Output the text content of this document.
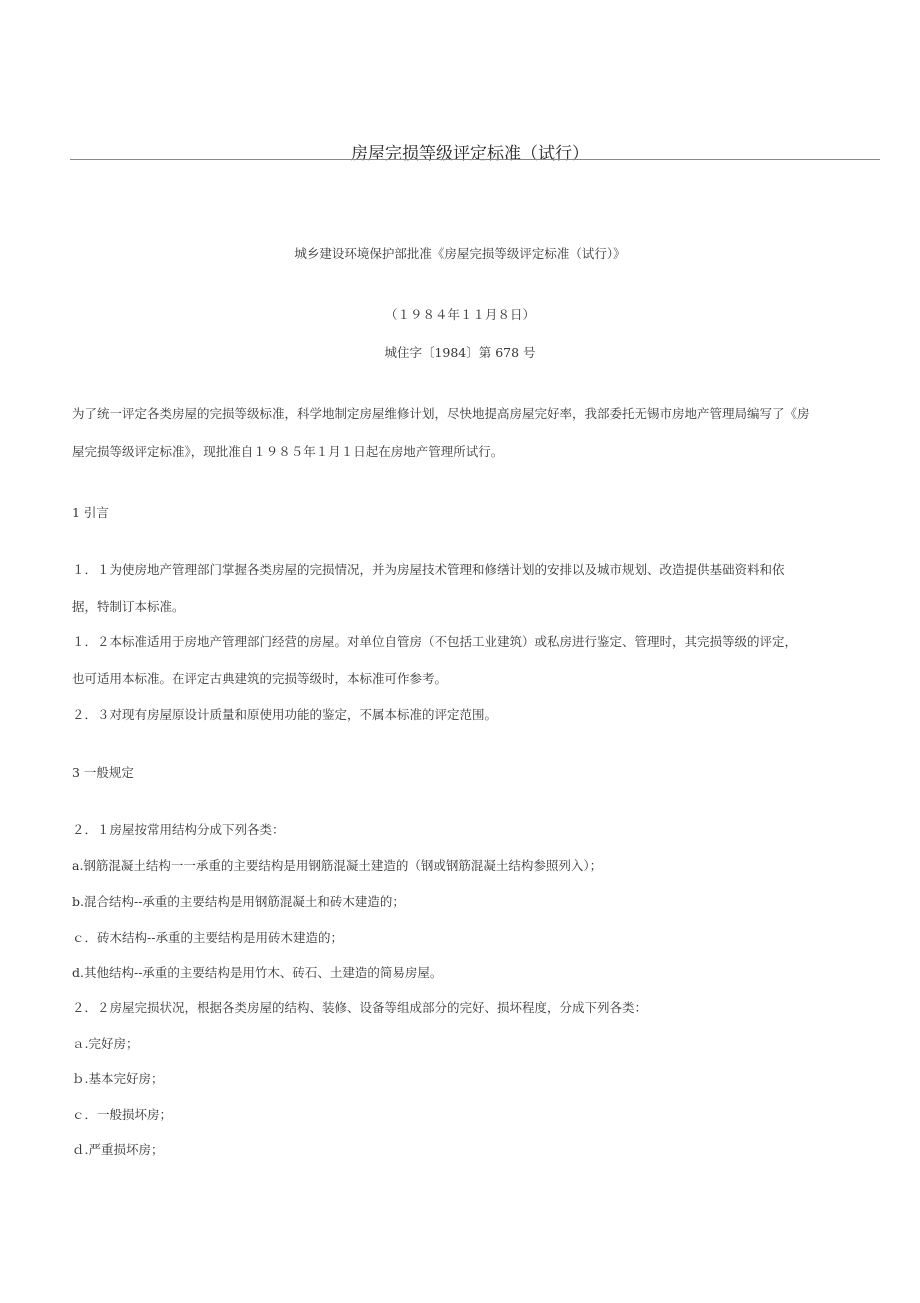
房屋完损等级评定标准（试行）
城乡建设环境保护部批准《房屋完损等级评定标准（试行）》
（１９８４年１１月８日）
城住字〔1984〕第 678 号
为了统一评定各类房屋的完损等级标准，科学地制定房屋维修计划，尽快地提高房屋完好率，我部委托无锡市房地产管理局编写了《房
屋完损等级评定标准》，现批准自１９８５年１月１日起在房地产管理所试行。
1 引言
１．１为使房地产管理部门掌握各类房屋的完损情况，并为房屋技术管理和修缮计划的安排以及城市规划、改造提供基础资料和依
据，特制订本标准。
１．２本标准适用于房地产管理部门经营的房屋。对单位自管房（不包括工业建筑）或私房进行鉴定、管理时，其完损等级的评定，
也可适用本标准。在评定古典建筑的完损等级时，本标准可作参考。
２．３对现有房屋原设计质量和原使用功能的鉴定，不属本标准的评定范围。
3 一般规定
２．１房屋按常用结构分成下列各类：
a.钢筋混凝土结构一一承重的主要结构是用钢筋混凝土建造的（钢或钢筋混凝土结构参照列入）；
b.混合结构--承重的主要结构是用钢筋混凝土和砖木建造的；
ｃ．砖木结构--承重的主要结构是用砖木建造的；
d.其他结构--承重的主要结构是用竹木、砖石、土建造的简易房屋。
２．２房屋完损状况，根据各类房屋的结构、装修、设备等组成部分的完好、损坏程度，分成下列各类：
ａ.完好房；
ｂ.基本完好房；
ｃ．一般损坏房；
ｄ.严重损坏房；
